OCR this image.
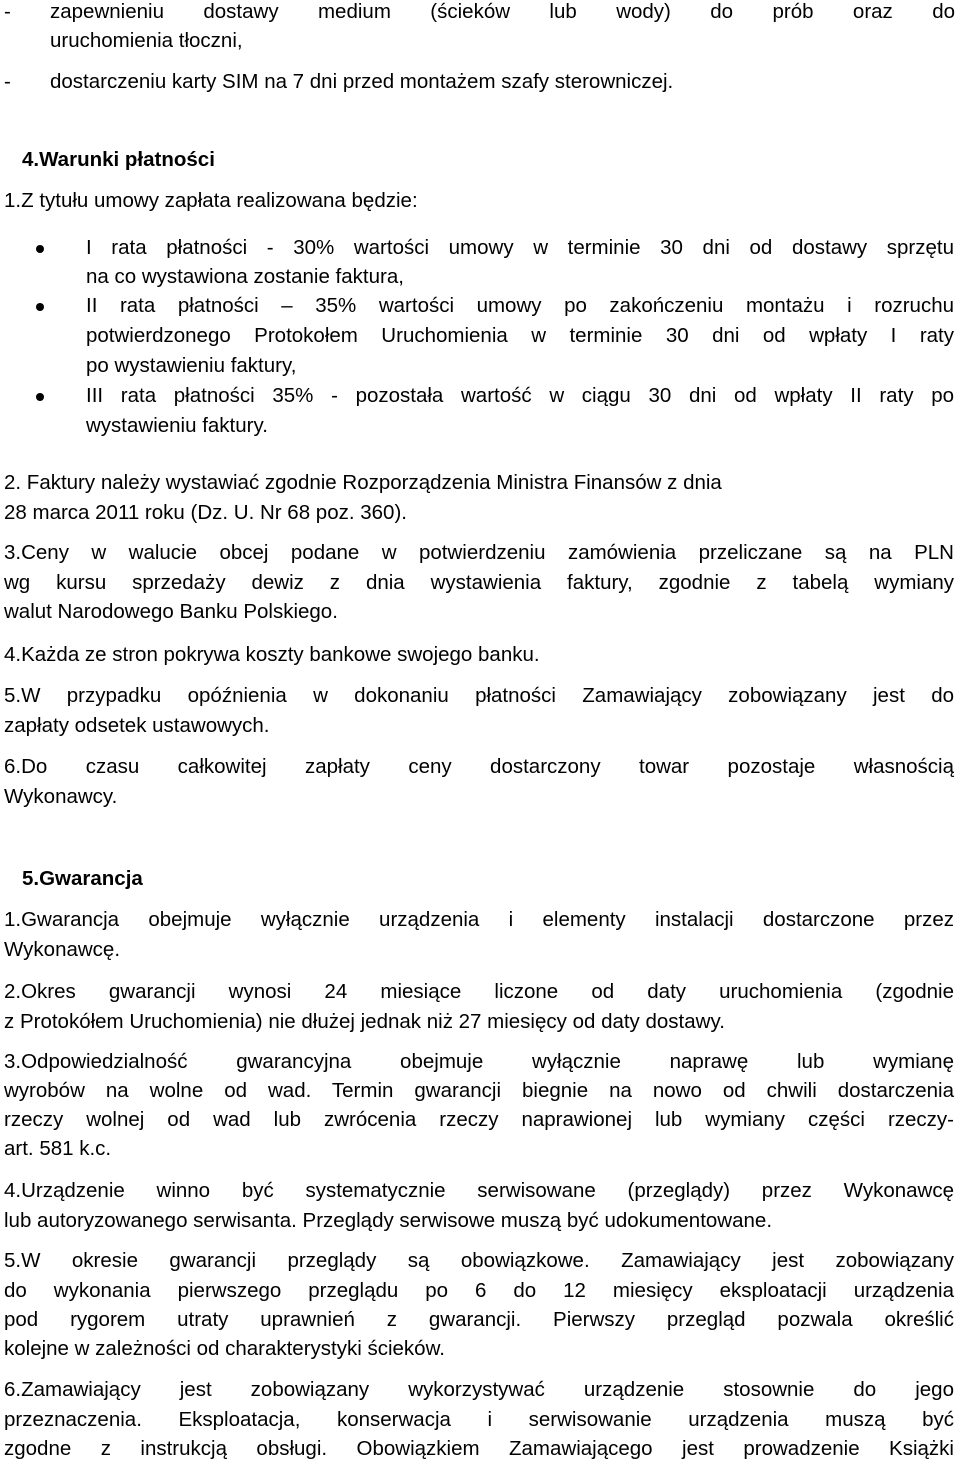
- zapewnieniu dostawy medium (ścieków lub wody) do prób oraz do

uruchomienia tłoczni,

- dostarczeniu karty SIM na 7 dni przed montażem szafy sterowniczej.

4.Warunki płatności

1.Z tytułu umowy zapłata realizowana będzie:

I rata płatności - 30% wartości umowy w terminie 30 dni od dostawy sprzętu

na co wystawiona zostanie faktura,

II rata płatności – 35% wartości umowy po zakończeniu montażu i rozruchu

potwierdzonego Protokołem Uruchomienia w terminie 30 dni od wpłaty I raty

po wystawieniu faktury,

III rata płatności 35% - pozostała wartość w ciągu 30 dni od wpłaty II raty po

wystawieniu faktury.

2. Faktury należy wystawiać zgodnie Rozporządzenia Ministra Finansów z dnia

28 marca 2011 roku (Dz. U. Nr 68 poz. 360).

3.Ceny w walucie obcej podane w potwierdzeniu zamówienia przeliczane są na PLN

wg kursu sprzedaży dewiz z dnia wystawienia faktury, zgodnie z tabelą wymiany

walut Narodowego Banku Polskiego.

4.Każda ze stron pokrywa koszty bankowe swojego banku.

5.W przypadku opóźnienia w dokonaniu płatności Zamawiający zobowiązany jest do

zapłaty odsetek ustawowych.

6.Do czasu całkowitej zapłaty ceny dostarczony towar pozostaje własnością

Wykonawcy.

5.Gwarancja

1.Gwarancja obejmuje wyłącznie urządzenia i elementy instalacji dostarczone przez

Wykonawcę.

2.Okres gwarancji wynosi 24 miesiące liczone od daty uruchomienia (zgodnie

z Protokółem Uruchomienia) nie dłużej jednak niż 27 miesięcy od daty dostawy.

3.Odpowiedzialność gwarancyjna obejmuje wyłącznie naprawę lub wymianę

wyrobów na wolne od wad. Termin gwarancji biegnie na nowo od chwili dostarczenia

rzeczy wolnej od wad lub zwrócenia rzeczy naprawionej lub wymiany części rzeczy-

art. 581 k.c.

4.Urządzenie winno być systematycznie serwisowane (przeglądy) przez Wykonawcę

lub autoryzowanego serwisanta. Przeglądy serwisowe muszą być udokumentowane.

5.W okresie gwarancji przeglądy są obowiązkowe. Zamawiający jest zobowiązany

do wykonania pierwszego przeglądu po 6 do 12 miesięcy eksploatacji urządzenia

pod rygorem utraty uprawnień z gwarancji. Pierwszy przegląd pozwala określić

kolejne w zależności od charakterystyki ścieków.

6.Zamawiający jest zobowiązany wykorzystywać urządzenie stosownie do jego

przeznaczenia. Eksploatacja, konserwacja i serwisowanie urządzenia muszą być

zgodne z instrukcją obsługi. Obowiązkiem Zamawiającego jest prowadzenie Książki
